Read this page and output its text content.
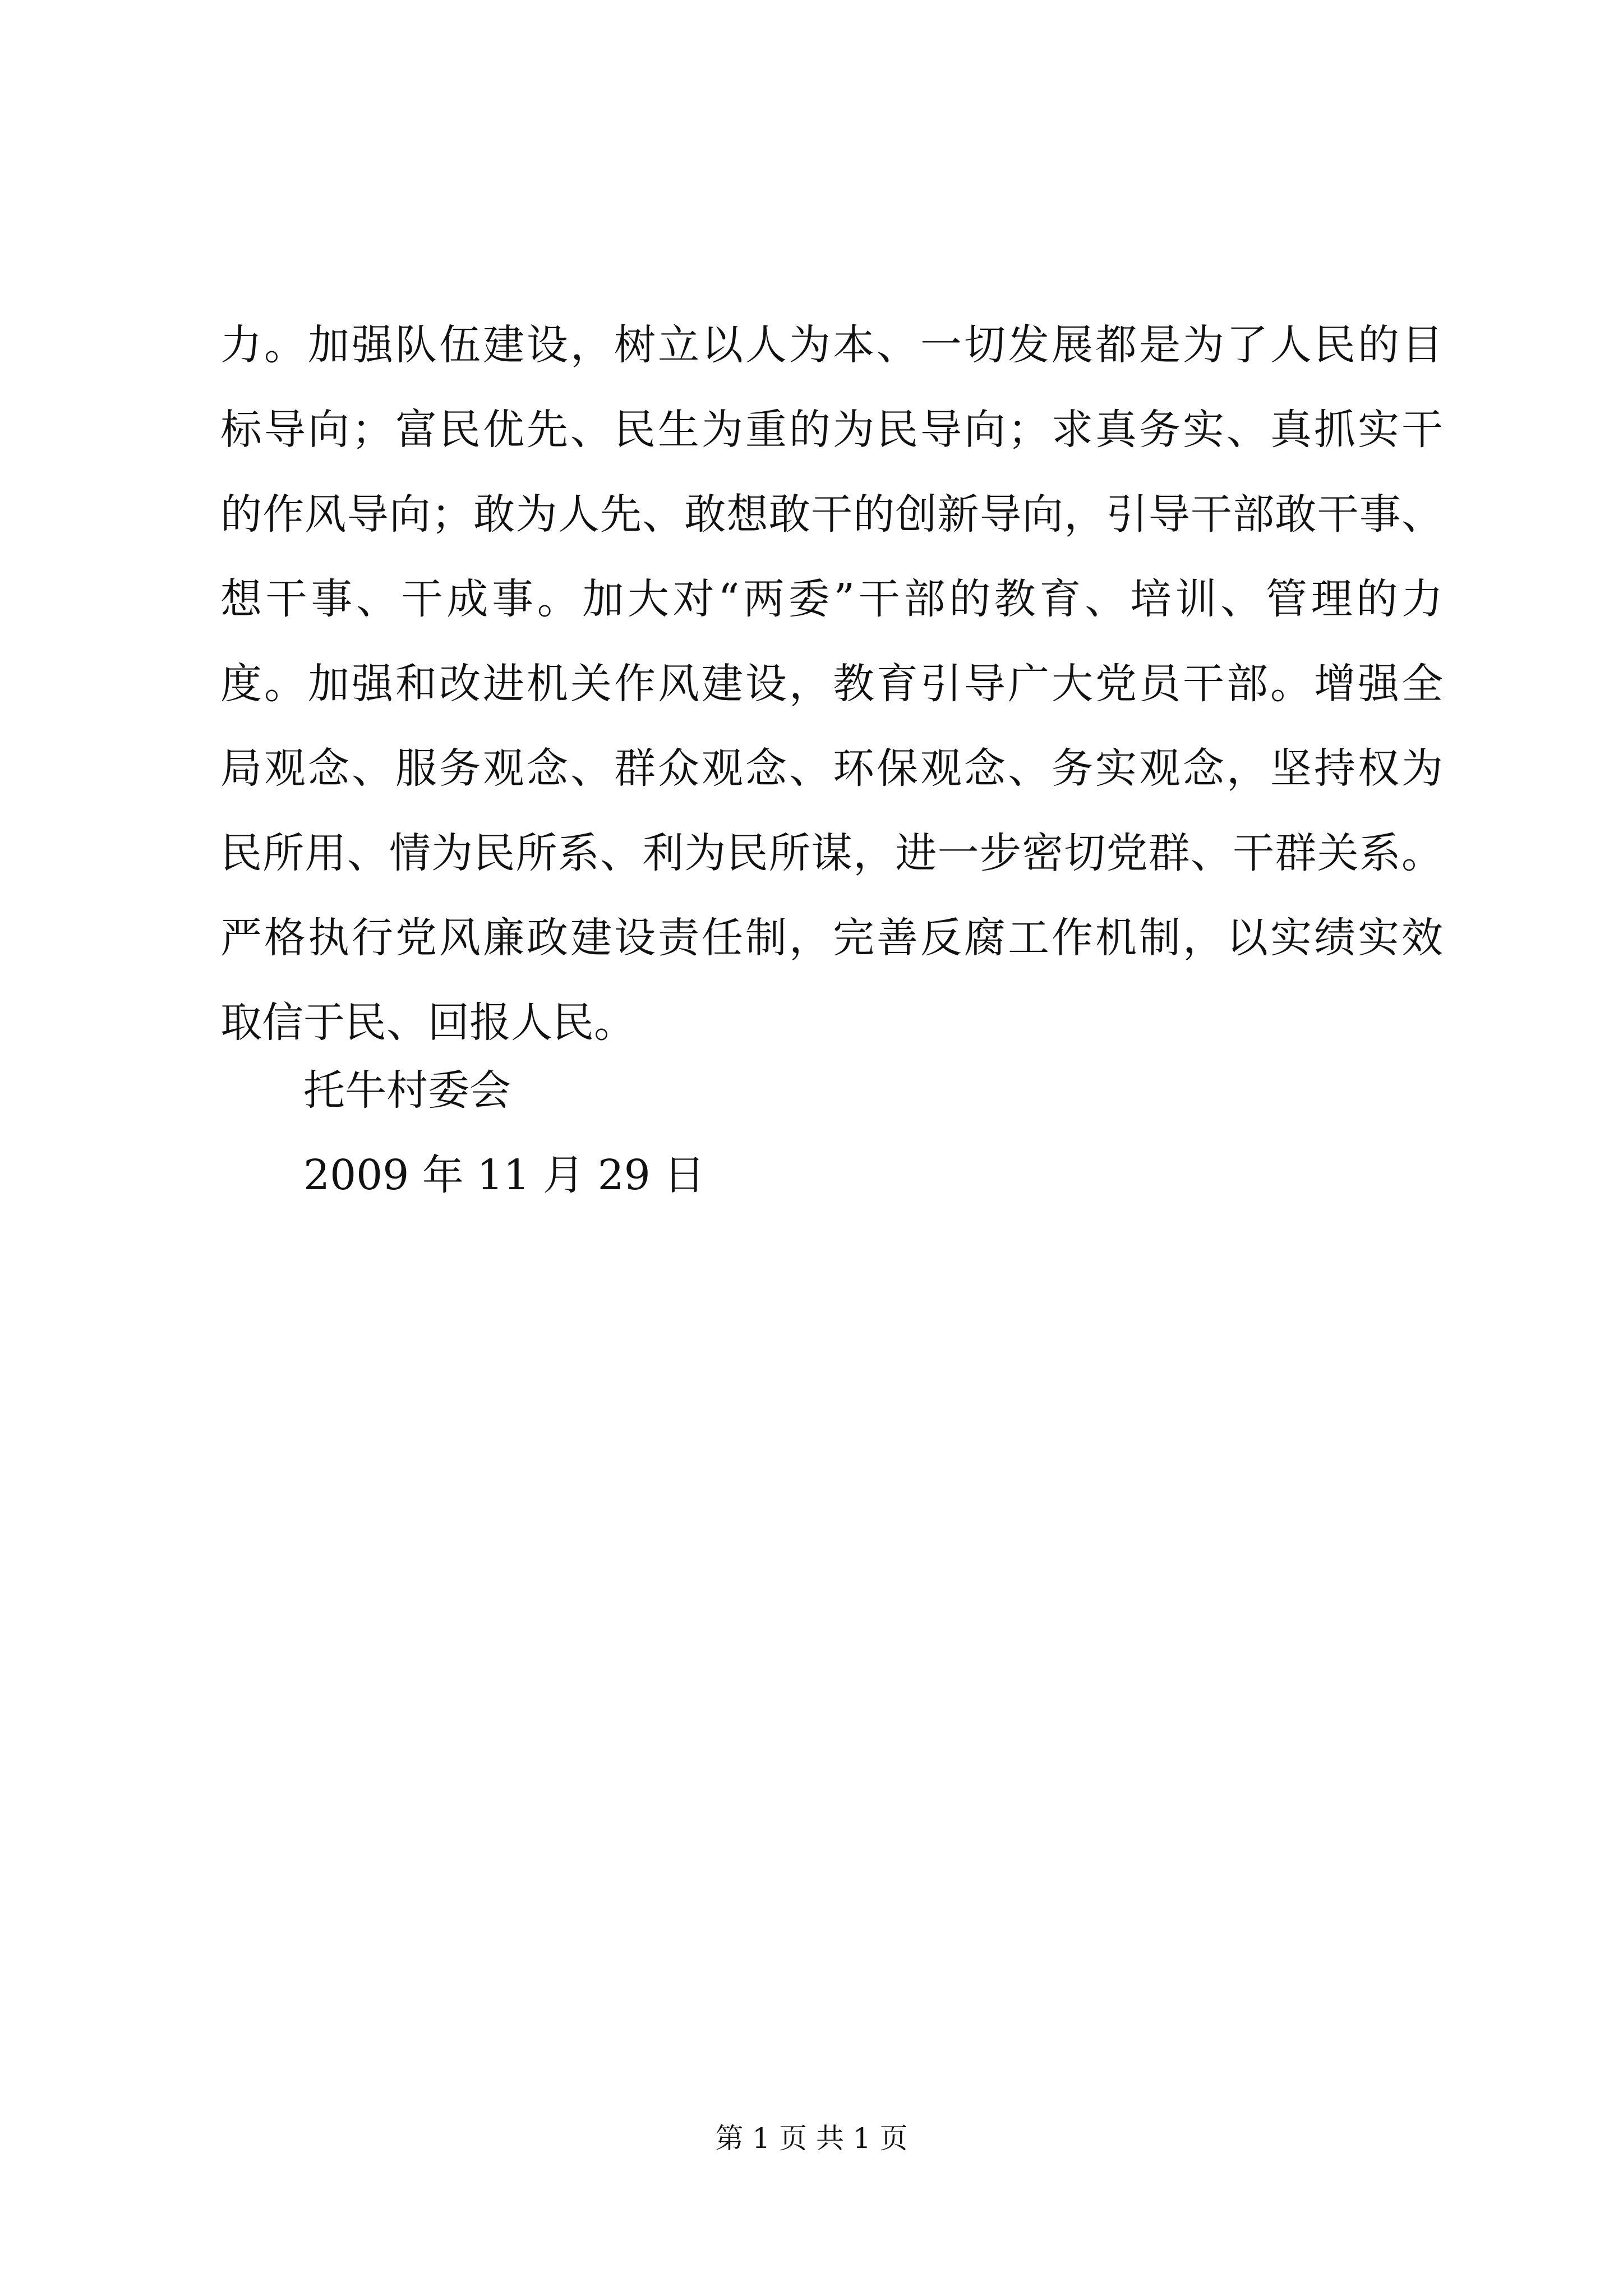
力。加强队伍建设，树立以人为本、一切发展都是为了人民的目
标导向；富民优先、民生为重的为民导向；求真务实、真抓实干
的作风导向；敢为人先、敢想敢干的创新导向，引导干部敢干事、
想干事、干成事。加大对“两委”干部的教育、培训、管理的力
度。加强和改进机关作风建设，教育引导广大党员干部。增强全
局观念、服务观念、群众观念、环保观念、务实观念，坚持权为
民所用、情为民所系、利为民所谋，进一步密切党群、干群关系。
严格执行党风廉政建设责任制，完善反腐工作机制，以实绩实效
取信于民、回报人民。

托牛村委会

2009 年 11 月 29 日

第 1 页 共 1 页
